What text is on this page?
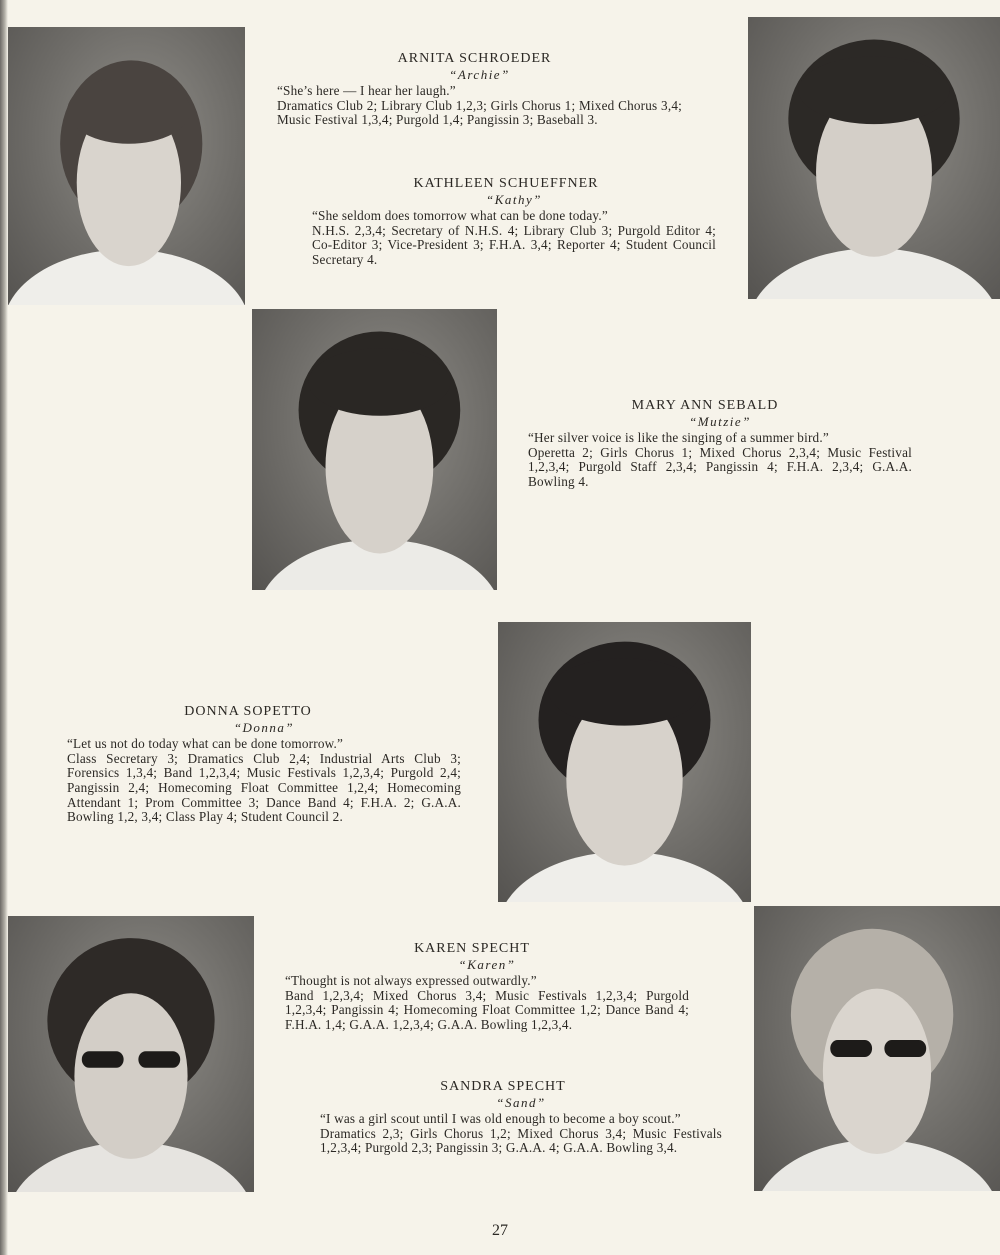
ARNITA SCHROEDER
“Archie”
“She’s here — I hear her laugh.”
Dramatics Club 2; Library Club 1,2,3; Girls Chorus 1; Mixed Chorus 3,4; Music Festival 1,3,4; Purgold 1,4; Pangissin 3; Baseball 3.
KATHLEEN SCHUEFFNER
“Kathy”
“She seldom does tomorrow what can be done today.”
N.H.S. 2,3,4; Secretary of N.H.S. 4; Library Club 3; Purgold Editor 4; Co-Editor 3; Vice-President 3; F.H.A. 3,4; Reporter 4; Student Council Secretary 4.
MARY ANN SEBALD
“Mutzie”
“Her silver voice is like the singing of a summer bird.”
Operetta 2; Girls Chorus 1; Mixed Chorus 2,3,4; Music Festival 1,2,3,4; Purgold Staff 2,3,4; Pangissin 4; F.H.A. 2,3,4; G.A.A. Bowling 4.
DONNA SOPETTO
“Donna”
“Let us not do today what can be done tomorrow.”
Class Secretary 3; Dramatics Club 2,4; Industrial Arts Club 3; Forensics 1,3,4; Band 1,2,3,4; Music Festivals 1,2,3,4; Purgold 2,4; Pangissin 2,4; Homecoming Float Committee 1,2,4; Homecoming Attendant 1; Prom Committee 3; Dance Band 4; F.H.A. 2; G.A.A. Bowling 1,2, 3,4; Class Play 4; Student Council 2.
KAREN SPECHT
“Karen”
“Thought is not always expressed outwardly.”
Band 1,2,3,4; Mixed Chorus 3,4; Music Festivals 1,2,3,4; Purgold 1,2,3,4; Pangissin 4; Homecoming Float Committee 1,2; Dance Band 4; F.H.A. 1,4; G.A.A. 1,2,3,4; G.A.A. Bowling 1,2,3,4.
SANDRA SPECHT
“Sand”
“I was a girl scout until I was old enough to become a boy scout.”
Dramatics 2,3; Girls Chorus 1,2; Mixed Chorus 3,4; Music Festivals 1,2,3,4; Purgold 2,3; Pangissin 3; G.A.A. 4; G.A.A. Bowling 3,4.
27
